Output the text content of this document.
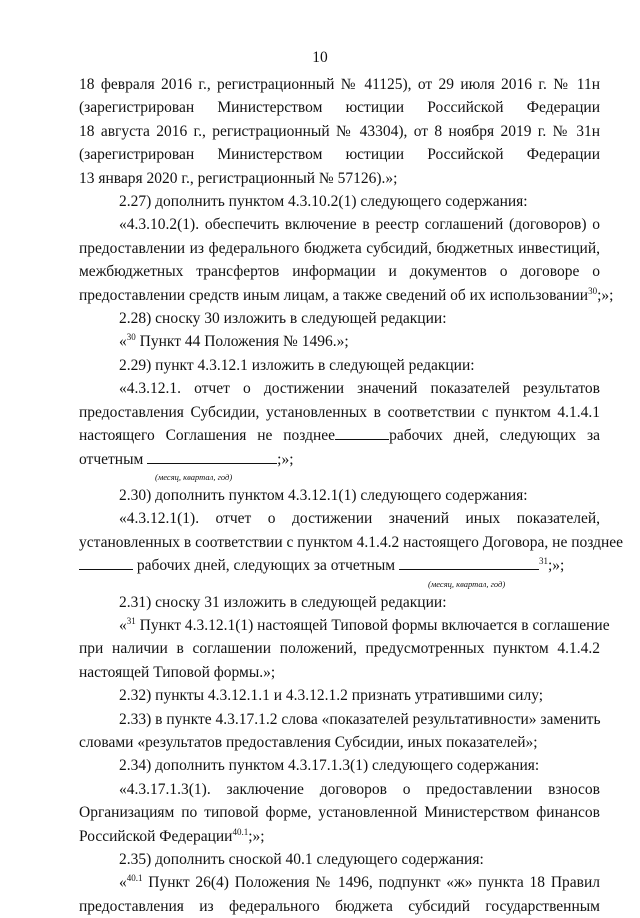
10
18 февраля 2016 г., регистрационный № 41125), от 29 июля 2016 г. № 11н
(зарегистрирован Министерством юстиции Российской Федерации
18 августа 2016 г., регистрационный № 43304), от 8 ноября 2019 г. № 31н
(зарегистрирован Министерством юстиции Российской Федерации
13 января 2020 г., регистрационный № 57126).»;
2.27) дополнить пунктом 4.3.10.2(1) следующего содержания:
«4.3.10.2(1). обеспечить включение в реестр соглашений (договоров) о
предоставлении из федерального бюджета субсидий, бюджетных инвестиций,
межбюджетных трансфертов информации и документов о договоре о
предоставлении средств иным лицам, а также сведений об их использовании$^{30}$;»;
2.28) сноску 30 изложить в следующей редакции:
«$^{30}$ Пункт 44 Положения № 1496.»;
2.29) пункт 4.3.12.1 изложить в следующей редакции:
«4.3.12.1. отчет о достижении значений показателей результатов
предоставления Субсидии, установленных в соответствии с пунктом 4.1.4.1
настоящего Соглашения не позднее	рабочих дней, следующих за
отчетным	;»;
(месяц, квартал, год)
2.30) дополнить пунктом 4.3.12.1(1) следующего содержания:
«4.3.12.1(1). отчет о достижении значений иных показателей,
установленных в соответствии с пунктом 4.1.4.2 настоящего Договора, не позднее
рабочих дней, следующих за отчетным	$^{31}$;»;
(месяц, квартал, год)
2.31) сноску 31 изложить в следующей редакции:
«$^{31}$ Пункт 4.3.12.1(1) настоящей Типовой формы включается в соглашение
при наличии в соглашении положений, предусмотренных пунктом 4.1.4.2
настоящей Типовой формы.»;
2.32) пункты 4.3.12.1.1 и 4.3.12.1.2 признать утратившими силу;
2.33) в пункте 4.3.17.1.2 слова «показателей результативности» заменить
словами «результатов предоставления Субсидии, иных показателей»;
2.34) дополнить пунктом 4.3.17.1.3(1) следующего содержания:
«4.3.17.1.3(1). заключение договоров о предоставлении взносов
Организациям по типовой форме, установленной Министерством финансов
Российской Федерации$^{40.1}$;»;
2.35) дополнить сноской 40.1 следующего содержания:
«$^{40.1}$ Пункт 26(4) Положения № 1496, подпункт «ж» пункта 18 Правил
предоставления из федерального бюджета субсидий государственным
